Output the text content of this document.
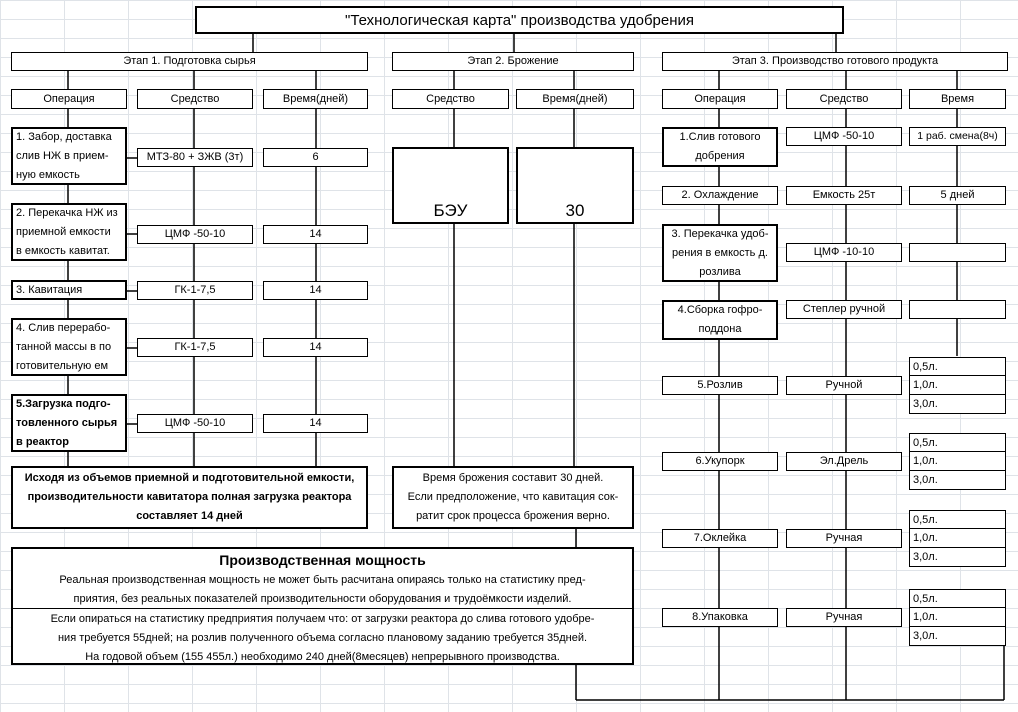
"Технологическая карта" производства удобрения
Этап 1. Подготовка сырья	Этап 2. Брожение	Этап 3. Производство готового продукта
Операция	Средство	Время(дней)	Средство	Время(дней)	Операция	Средство	Время
1. Забор, доставка
слив НЖ в прием-
ную емкость
МТЗ-80 + ЗЖВ (3т)	6
2. Перекачка НЖ из
приемной емкости
в емкость кавитат.
ЦМФ -50-10	14
3. Кавитация	ГК-1-7,5	14
4. Слив перерабо-
танной массы в по
готовительную ем
ГК-1-7,5	14
5.Загрузка подго-
товленного сырья
в реактор
ЦМФ -50-10	14
Исходя из объемов приемной и подготовительной емкости,
производительности кавитатора полная загрузка реактора
составляет 14 дней
БЭУ	30
Время брожения составит 30 дней.
Если предположение, что кавитация сок-
ратит срок процесса брожения верно.
1.Слив готового
добрения
ЦМФ -50-10	1 раб. смена(8ч)
2. Охлаждение	Емкость 25т	5 дней
3. Перекачка удоб-
рения в емкость д.
розлива
ЦМФ -10-10
4.Сборка гофро-
поддона
Степлер ручной
5.Розлив	Ручной
0,5л.
1,0л.
3,0л.
6.Укупорк	Эл.Дрель
0,5л.
1,0л.
3,0л.
7.Оклейка	Ручная
0,5л.
1,0л.
3,0л.
8.Упаковка	Ручная
0,5л.
1,0л.
3,0л.
Производственная мощность
Реальная производственная мощность не может быть расчитана опираясь только на статистику пред-
приятия, без реальных показателей производительности оборудования и трудоёмкости изделий.
Если опираться на статистику предприятия получаем что: от загрузки реактора до слива готового удобре-
ния требуется 55дней; на розлив полученного объема согласно плановому заданию требуется 35дней.
На годовой объем (155 455л.) необходимо 240 дней(8месяцев) непрерывного производства.
